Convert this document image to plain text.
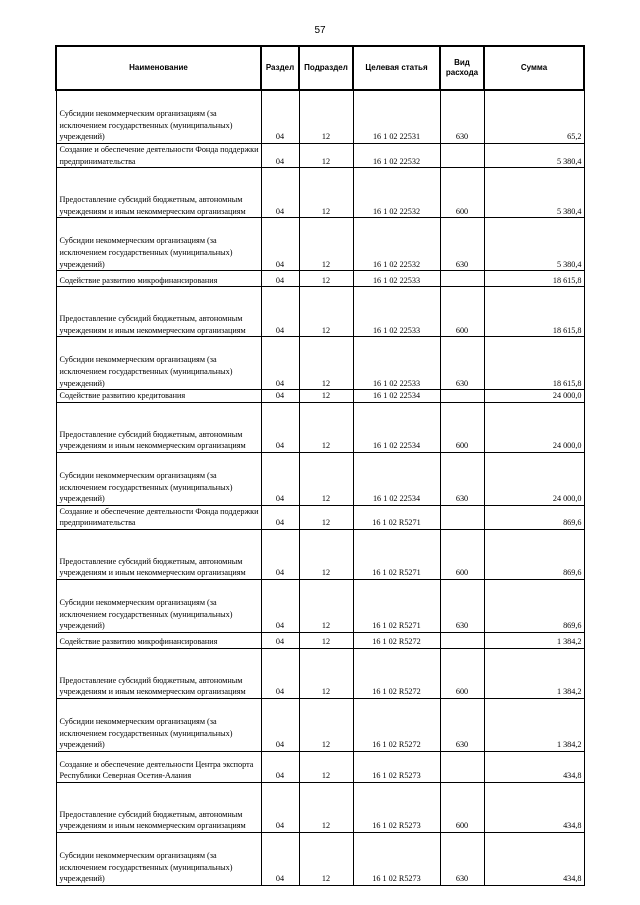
57
Наименование	Раздел	Подраздел	Целевая статья	Вид расхода	Сумма
Субсидии некоммерческим организациям (за исключением государственных (муниципальных) учреждений)	04	12	16 1 02 22531	630	65,2
Создание и обеспечение деятельности Фонда поддержки предпринимательства	04	12	16 1 02 22532		5 380,4
Предоставление субсидий бюджетным, автономным учреждениям и иным некоммерческим организациям	04	12	16 1 02 22532	600	5 380,4
Субсидии некоммерческим организациям (за исключением государственных (муниципальных) учреждений)	04	12	16 1 02 22532	630	5 380,4
Содействие развитию микрофинансирования	04	12	16 1 02 22533		18 615,8
Предоставление субсидий бюджетным, автономным учреждениям и иным некоммерческим организациям	04	12	16 1 02 22533	600	18 615,8
Субсидии некоммерческим организациям (за исключением государственных (муниципальных) учреждений)	04	12	16 1 02 22533	630	18 615,8
Содействие развитию кредитования	04	12	16 1 02 22534		24 000,0
Предоставление субсидий бюджетным, автономным учреждениям и иным некоммерческим организациям	04	12	16 1 02 22534	600	24 000,0
Субсидии некоммерческим организациям (за исключением государственных (муниципальных) учреждений)	04	12	16 1 02 22534	630	24 000,0
Создание и обеспечение деятельности Фонда поддержки предпринимательства	04	12	16 1 02 R5271		869,6
Предоставление субсидий бюджетным, автономным учреждениям и иным некоммерческим организациям	04	12	16 1 02 R5271	600	869,6
Субсидии некоммерческим организациям (за исключением государственных (муниципальных) учреждений)	04	12	16 1 02 R5271	630	869,6
Содействие развитию микрофинансирования	04	12	16 1 02 R5272		1 384,2
Предоставление субсидий бюджетным, автономным учреждениям и иным некоммерческим организациям	04	12	16 1 02 R5272	600	1 384,2
Субсидии некоммерческим организациям (за исключением государственных (муниципальных) учреждений)	04	12	16 1 02 R5272	630	1 384,2
Создание и обеспечение деятельности Центра экспорта Республики Северная Осетия-Алания	04	12	16 1 02 R5273		434,8
Предоставление субсидий бюджетным, автономным учреждениям и иным некоммерческим организациям	04	12	16 1 02 R5273	600	434,8
Субсидии некоммерческим организациям (за исключением государственных (муниципальных) учреждений)	04	12	16 1 02 R5273	630	434,8
